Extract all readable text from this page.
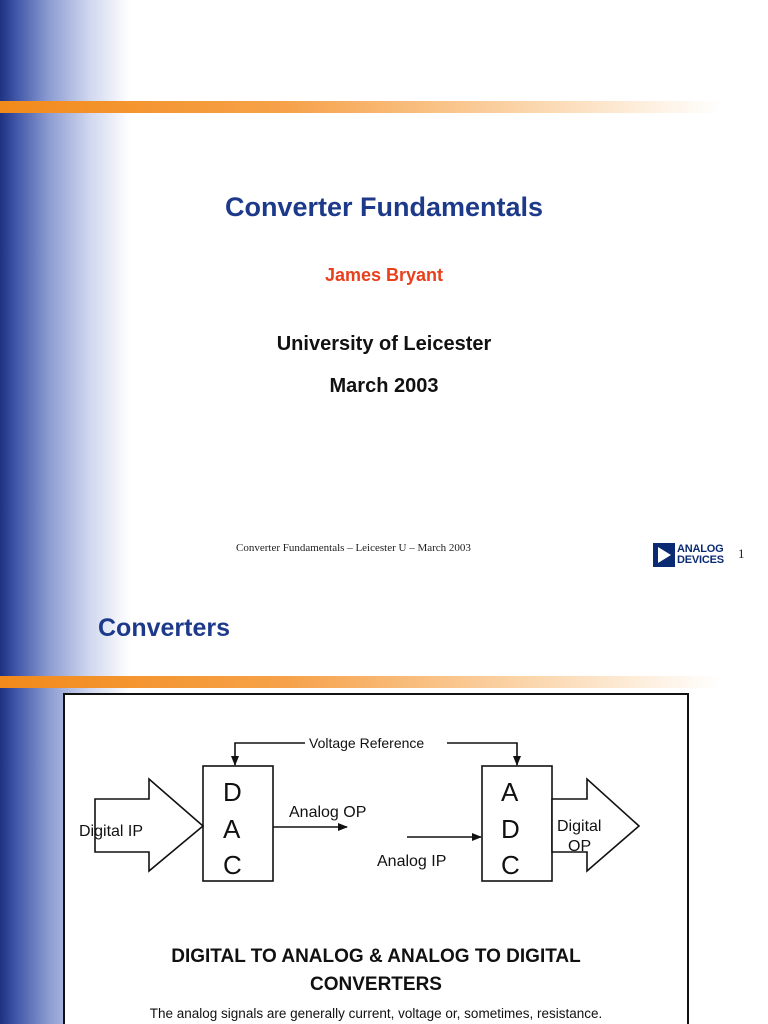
Converter Fundamentals
James Bryant
University of Leicester
March 2003
Converter Fundamentals – Leicester U – March 2003	ANALOG
DEVICES 1
Converters
Voltage Reference
D
A
C
A
D
C
Digital IP
Analog OP
Analog IP
Digital
OP
DIGITAL TO ANALOG & ANALOG TO DIGITAL
CONVERTERS
The analog signals are generally current, voltage or, sometimes, resistance.
